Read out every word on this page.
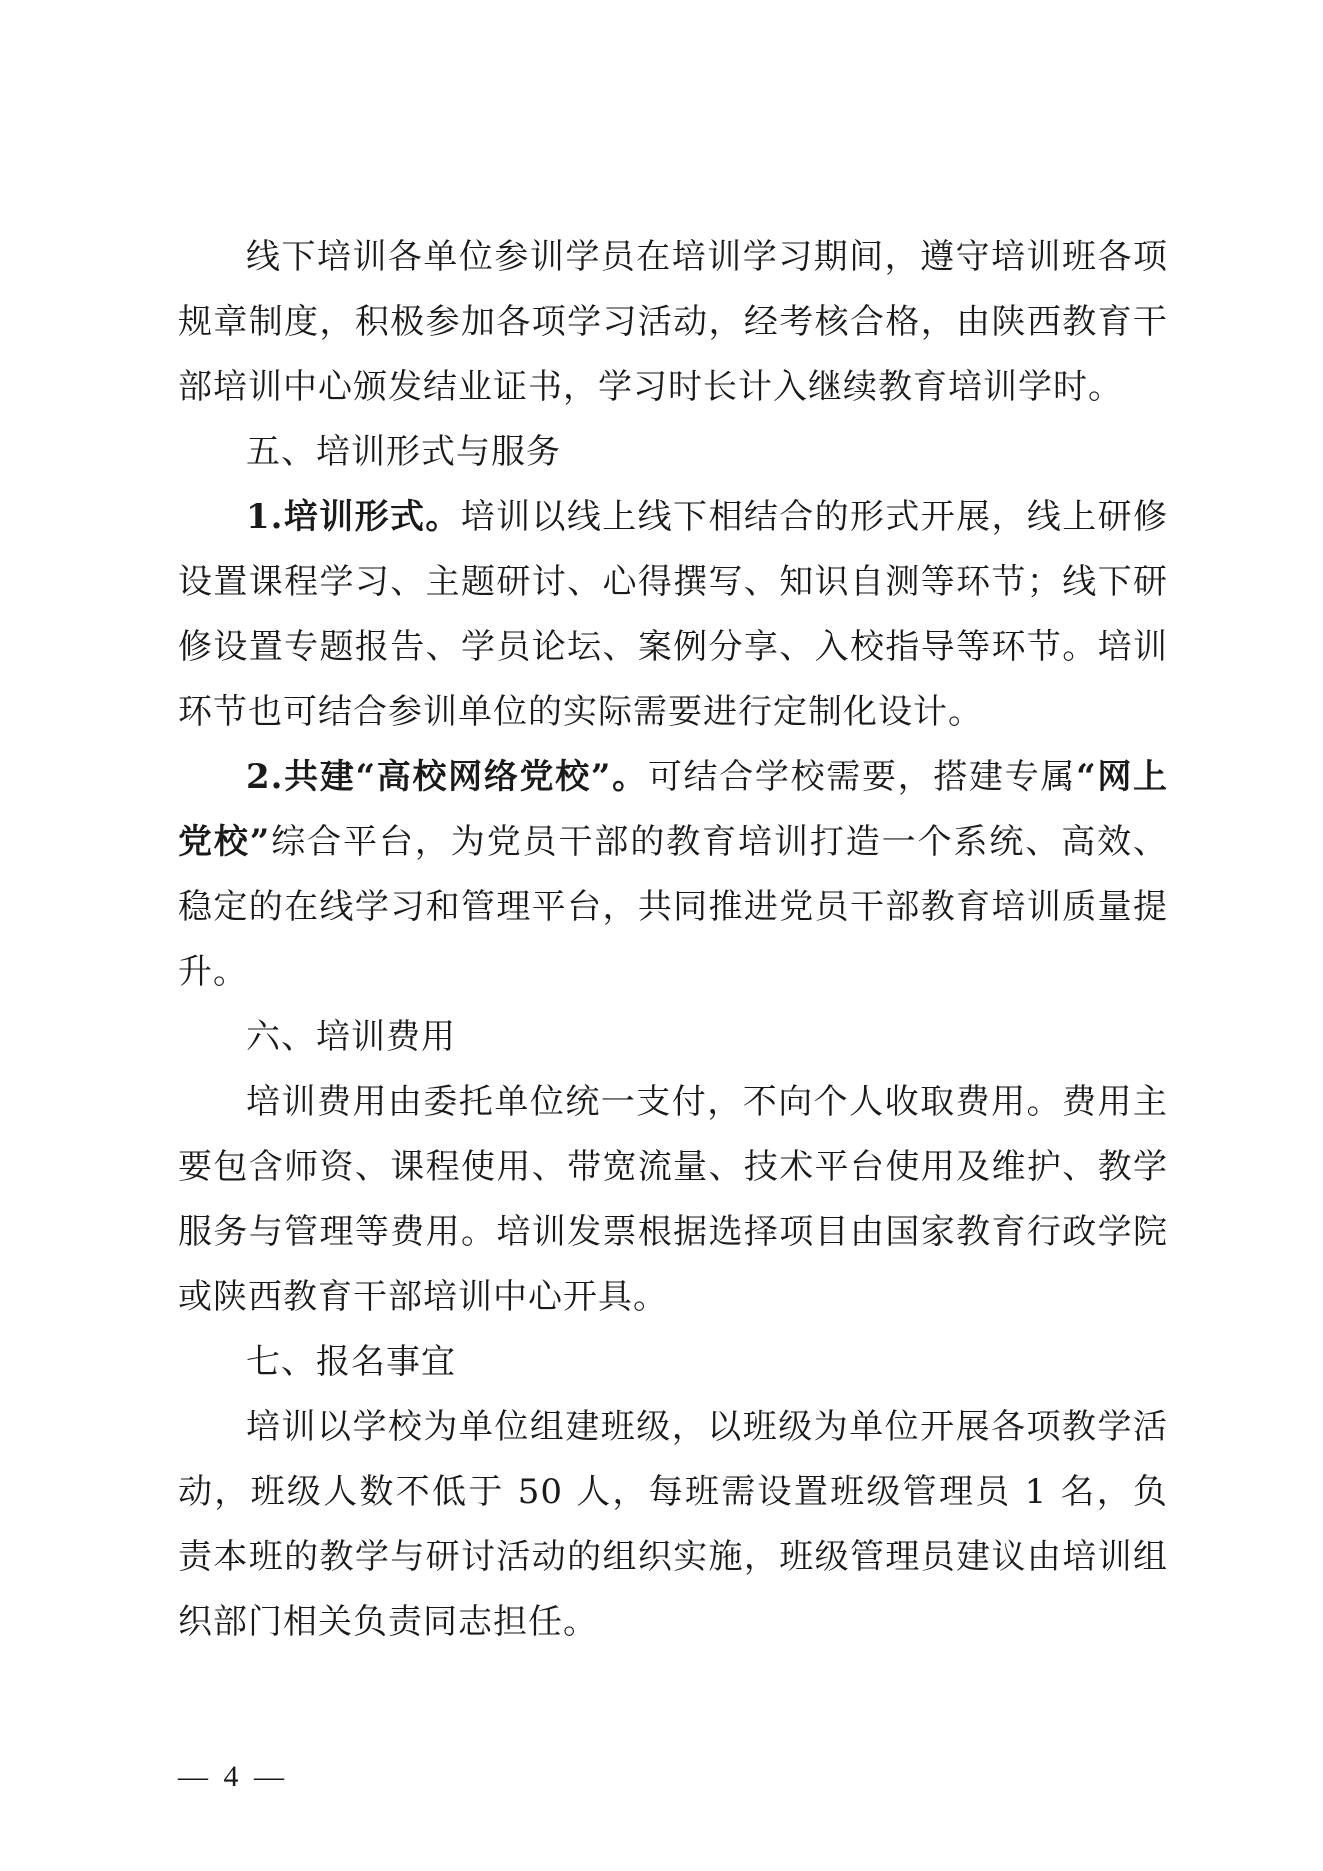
线下培训各单位参训学员在培训学习期间，遵守培训班各项规章制度，积极参加各项学习活动，经考核合格，由陕西教育干部培训中心颁发结业证书，学习时长计入继续教育培训学时。

五、培训形式与服务

1.培训形式。培训以线上线下相结合的形式开展，线上研修设置课程学习、主题研讨、心得撰写、知识自测等环节；线下研修设置专题报告、学员论坛、案例分享、入校指导等环节。培训环节也可结合参训单位的实际需要进行定制化设计。

2.共建“高校网络党校”。可结合学校需要，搭建专属“网上党校”综合平台，为党员干部的教育培训打造一个系统、高效、稳定的在线学习和管理平台，共同推进党员干部教育培训质量提升。

六、培训费用

培训费用由委托单位统一支付，不向个人收取费用。费用主要包含师资、课程使用、带宽流量、技术平台使用及维护、教学服务与管理等费用。培训发票根据选择项目由国家教育行政学院或陕西教育干部培训中心开具。

七、报名事宜

培训以学校为单位组建班级，以班级为单位开展各项教学活动，班级人数不低于 50 人，每班需设置班级管理员 1 名，负责本班的教学与研讨活动的组织实施，班级管理员建议由培训组织部门相关负责同志担任。

— 4 —
